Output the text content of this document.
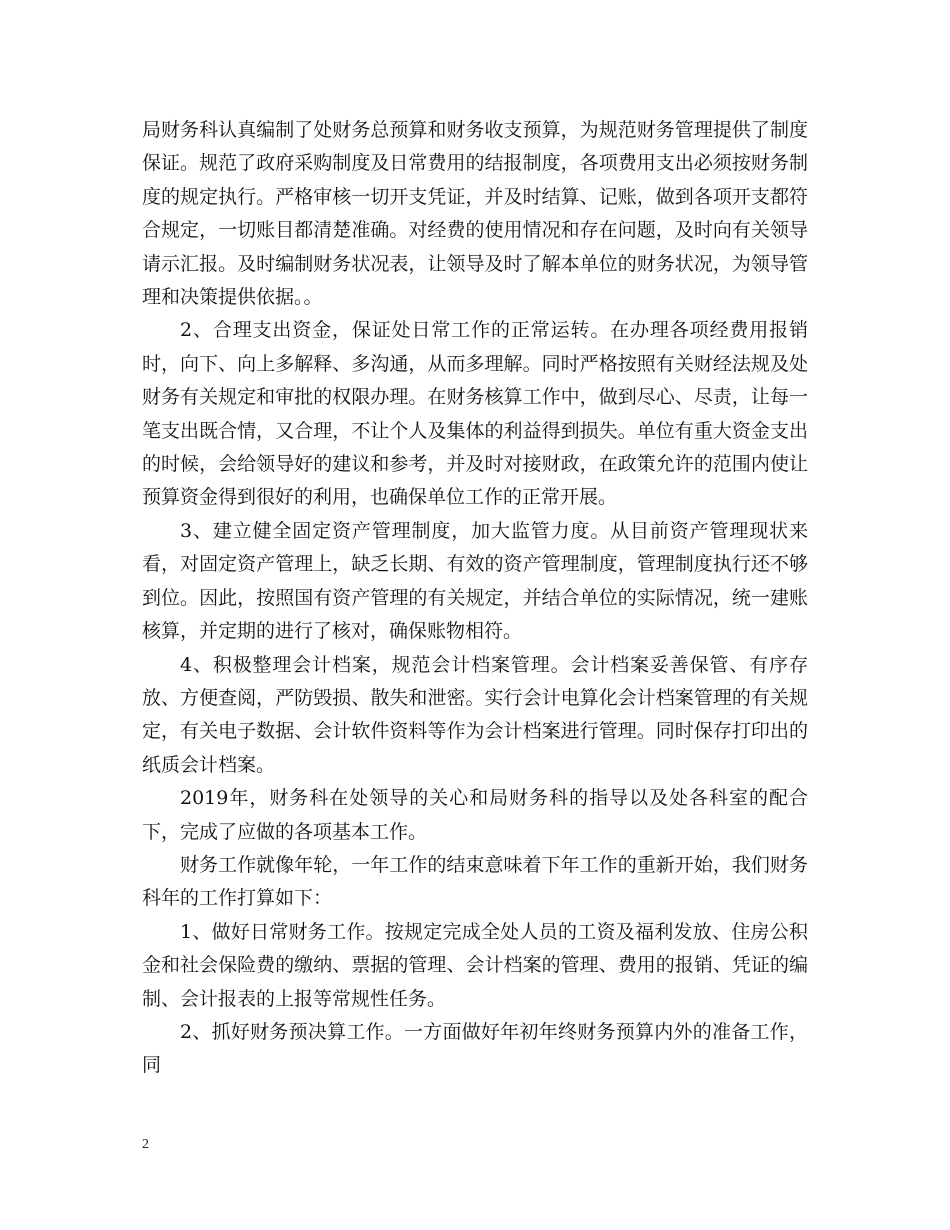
局财务科认真编制了处财务总预算和财务收支预算，为规范财务管理提供了制度保证。规范了政府采购制度及日常费用的结报制度，各项费用支出必须按财务制度的规定执行。严格审核一切开支凭证，并及时结算、记账，做到各项开支都符合规定，一切账目都清楚准确。对经费的使用情况和存在问题，及时向有关领导请示汇报。及时编制财务状况表，让领导及时了解本单位的财务状况，为领导管理和决策提供依据。。

2、合理支出资金，保证处日常工作的正常运转。在办理各项经费用报销时，向下、向上多解释、多沟通，从而多理解。同时严格按照有关财经法规及处财务有关规定和审批的权限办理。在财务核算工作中，做到尽心、尽责，让每一笔支出既合情，又合理，不让个人及集体的利益得到损失。单位有重大资金支出的时候，会给领导好的建议和参考，并及时对接财政，在政策允许的范围内使让预算资金得到很好的利用，也确保单位工作的正常开展。

3、建立健全固定资产管理制度，加大监管力度。从目前资产管理现状来看，对固定资产管理上，缺乏长期、有效的资产管理制度，管理制度执行还不够到位。因此，按照国有资产管理的有关规定，并结合单位的实际情况，统一建账核算，并定期的进行了核对，确保账物相符。

4、积极整理会计档案，规范会计档案管理。会计档案妥善保管、有序存放、方便查阅，严防毁损、散失和泄密。实行会计电算化会计档案管理的有关规定，有关电子数据、会计软件资料等作为会计档案进行管理。同时保存打印出的纸质会计档案。

2019年，财务科在处领导的关心和局财务科的指导以及处各科室的配合下，完成了应做的各项基本工作。

财务工作就像年轮，一年工作的结束意味着下年工作的重新开始，我们财务科年的工作打算如下：

1、做好日常财务工作。按规定完成全处人员的工资及福利发放、住房公积金和社会保险费的缴纳、票据的管理、会计档案的管理、费用的报销、凭证的编制、会计报表的上报等常规性任务。

2、抓好财务预决算工作。一方面做好年初年终财务预算内外的准备工作，同

2
